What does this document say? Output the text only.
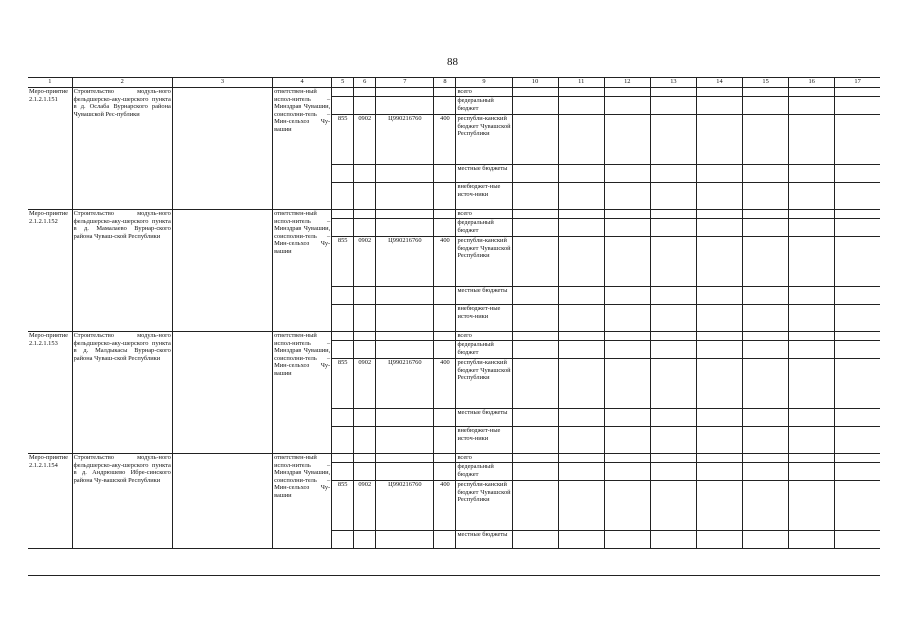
88
1	2	3	4	5	6	7	8	9	10	11	12	13	14	15	16	17
Меро-приятие 2.1.2.1.151	Строительство модуль-ного фельдшерско-аку-шерского пункта в д. Ослаба Вурнарского района Чувашской Рес-публики		ответствен-ный испол-нитель – Минздрав Чувашии, соисполни-тель – Мин-сельхоз Чу-вашии					всего								
								федеральный бюджет								
				855	0902	Ц990216760	400	республи-канский бюджет Чувашской Республики								
								местные бюджеты								
								внебюджет-ные источ-ники								
Меро-приятие 2.1.2.1.152	Строительство модуль-ного фельдшерско-аку-шерского пункта в д. Мамалаево Вурнар-ского района Чуваш-ской Республики		ответствен-ный испол-нитель – Минздрав Чувашии, соисполни-тель – Мин-сельхоз Чу-вашии					всего								
								федеральный бюджет								
				855	0902	Ц990216760	400	республи-канский бюджет Чувашской Республики								
								местные бюджеты								
								внебюджет-ные источ-ники								
Меро-приятие 2.1.2.1.153	Строительство модуль-ного фельдшерско-аку-шерского пункта в д. Малдыкасы Вурнар-ского района Чуваш-ской Республики		ответствен-ный испол-нитель – Минздрав Чувашии, соисполни-тель – Мин-сельхоз Чу-вашии					всего								
								федеральный бюджет								
				855	0902	Ц990216760	400	республи-канский бюджет Чувашской Республики								
								местные бюджеты								
								внебюджет-ные источ-ники								
Меро-приятие 2.1.2.1.154	Строительство модуль-ного фельдшерско-аку-шерского пункта в д. Андрюшево Ибре-синского района Чу-вашской Республики		ответствен-ный испол-нитель – Минздрав Чувашии, соисполни-тель – Мин-сельхоз Чу-вашии					всего								
								федеральный бюджет								
				855	0902	Ц990216760	400	республи-канский бюджет Чувашской Республики								
								местные бюджеты								
